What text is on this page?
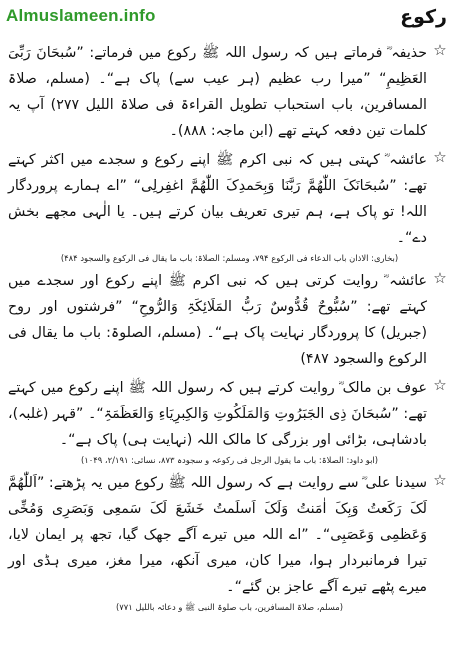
Almuslameen.info	رکوع
☆
حذیفہ ؓ فرماتے ہیں کہ رسول اللہ ﷺ رکوع میں فرماتے: ”سُبحَانَ رَبِّیَ العَظِیمِ“ ”میرا رب عظیم (ہر عیب سے) پاک ہے“۔ (مسلم، صلاۃ المسافرین، باب استحباب تطویل القراءۃ فی صلاۃ اللیل ۲۷۷) آپ یہ کلمات تین دفعہ کہتے تھے (ابن ماجہ: ۸۸۸)۔
☆
عائشہ ؓ کہتی ہیں کہ نبی اکرم ﷺ اپنے رکوع و سجدے میں اکثر کہتے تھے: ”سُبحَانَکَ اللّٰھُمَّ رَبَّنَا وَبِحَمدِکَ اللّٰھُمَّ اغفِرلِی“ ”اے ہمارے پروردگار اللہ! تو پاک ہے، ہم تیری تعریف بیان کرتے ہیں۔ یا الٰہی مجھے بخش دے“۔
(بخاری: الاذان باب الدعاء فی الرکوع ۷۹۴، ومسلم: الصلاۃ: باب ما یقال فی الرکوع والسجود ۴۸۴)
☆
عائشہ ؓ روایت کرتی ہیں کہ نبی اکرم ﷺ اپنے رکوع اور سجدے میں کہتے تھے: ”سُبُّوحٌ قُدُّوسٌ رَبُّ المَلَائِکَۃِ وَالرُّوحِ“ ”فرشتوں اور روح (جبریل) کا پروردگار نہایت پاک ہے“۔ (مسلم، الصلوۃ: باب ما یقال فی الرکوع والسجود ۴۸۷)
☆
عوف بن مالک ؓ روایت کرتے ہیں کہ رسول اللہ ﷺ اپنے رکوع میں کہتے تھے: ”سُبحَانَ ذِی الجَبَرُوتِ وَالمَلَکُوتِ وَالکِبرِیَاءِ وَالعَظَمَۃِ“۔ ”قہر (غلبہ)، بادشاہی، بڑائی اور بزرگی کا مالک اللہ (نہایت ہی) پاک ہے“۔
(ابو داود: الصلاۃ: باب ما یقول الرجل فی رکوعہ و سجودہ ۸۷۳، نسائی: ۲/۱۹۱، ۱۰۴۹)
☆
سیدنا علی ؓ سے روایت ہے کہ رسول اللہ ﷺ رکوع میں یہ پڑھتے: ”اَللّٰھُمَّ لَکَ رَکَعتُ وَبِکَ اٰمَنتُ وَلَکَ اَسلَمتُ خَشَعَ لَکَ سَمعِی وَبَصَرِی وَمُخِّی وَعَظمِی وَعَصَبِی“۔ ”اے اللہ میں تیرے آگے جھک گیا، تجھ پر ایمان لایا، تیرا فرمانبردار ہوا، میرا کان، میری آنکھ، میرا مغز، میری ہڈی اور میرے پٹھے تیرے آگے عاجز بن گئے“۔
(مسلم، صلاۃ المسافرین، باب صلوۃ النبی ﷺ و دعائہ باللیل ۷۷۱)
